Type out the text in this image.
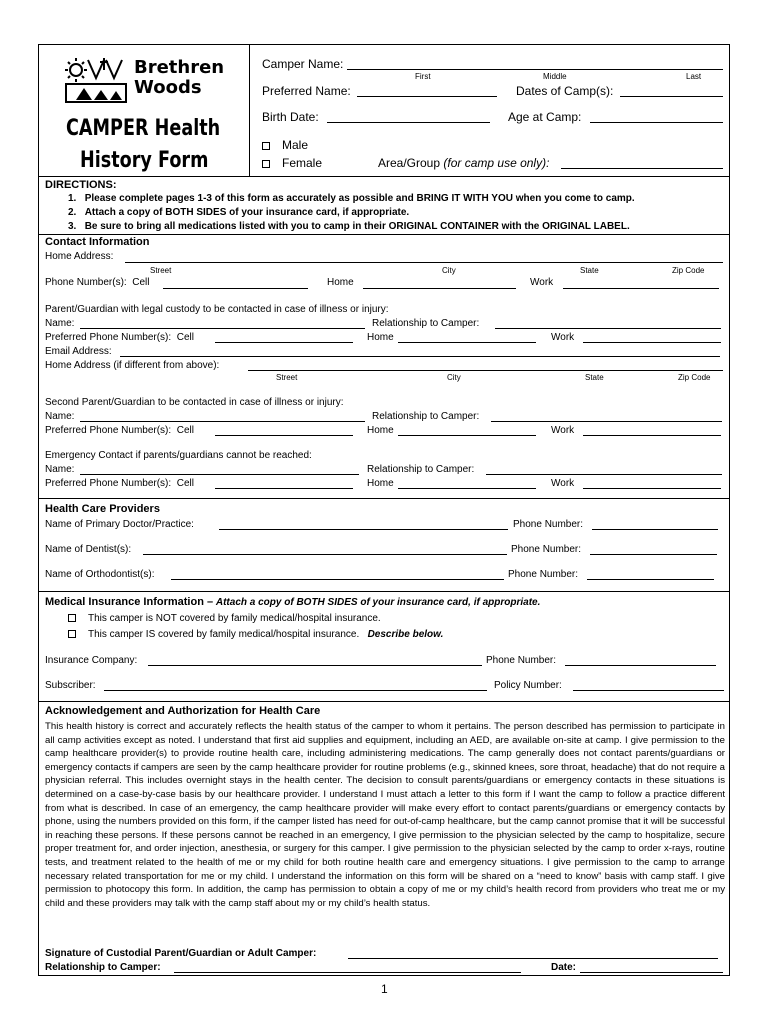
Brethren
Woods
CAMPER Health
History Form
Camper Name:
First	Middle	Last
Preferred Name:	Dates of Camp(s):
Birth Date:	Age at Camp:
Male
Female	Area/Group (for camp use only):
DIRECTIONS:
1. Please complete pages 1-3 of this form as accurately as possible and BRING IT WITH YOU when you come to camp.
2. Attach a copy of BOTH SIDES of your insurance card, if appropriate.
3. Be sure to bring all medications listed with you to camp in their ORIGINAL CONTAINER with the ORIGINAL LABEL.
Contact Information
Home Address:
Street	City	State	Zip Code
Phone Number(s): Cell	Home	Work
Parent/Guardian with legal custody to be contacted in case of illness or injury:
Name:	Relationship to Camper:
Preferred Phone Number(s): Cell	Home	Work
Email Address:
Home Address (if different from above):
Street	City	State	Zip Code
Second Parent/Guardian to be contacted in case of illness or injury:
Name:	Relationship to Camper:
Preferred Phone Number(s): Cell	Home	Work
Emergency Contact if parents/guardians cannot be reached:
Name:	Relationship to Camper:
Preferred Phone Number(s): Cell	Home	Work
Health Care Providers
Name of Primary Doctor/Practice:	Phone Number:
Name of Dentist(s):	Phone Number:
Name of Orthodontist(s):	Phone Number:
Medical Insurance Information – Attach a copy of BOTH SIDES of your insurance card, if appropriate.
This camper is NOT covered by family medical/hospital insurance.
This camper IS covered by family medical/hospital insurance. Describe below.
Insurance Company:	Phone Number:
Subscriber:	Policy Number:
Acknowledgement and Authorization for Health Care
This health history is correct and accurately reflects the health status of the camper to whom it pertains. The person described has permission to participate in all camp activities except as noted. I understand that first aid supplies and equipment, including an AED, are available on-site at camp. I give permission to the camp healthcare provider(s) to provide routine health care, including administering medications. The camp generally does not contact parents/guardians or emergency contacts if campers are seen by the camp healthcare provider for routine problems (e.g., skinned knees, sore throat, headache) that do not require a physician referral. This includes overnight stays in the health center. The decision to consult parents/guardians or emergency contacts in these situations is determined on a case-by-case basis by our healthcare provider. I understand I must attach a letter to this form if I want the camp to follow a practice different from what is described. In case of an emergency, the camp healthcare provider will make every effort to contact parents/guardians or emergency contacts by phone, using the numbers provided on this form, if the camper listed has need for out-of-camp healthcare, but the camp cannot promise that it will be successful in reaching these persons. If these persons cannot be reached in an emergency, I give permission to the physician selected by the camp to hospitalize, secure proper treatment for, and order injection, anesthesia, or surgery for this camper. I give permission to the physician selected by the camp to order x-rays, routine tests, and treatment related to the health of me or my child for both routine health care and emergency situations. I give permission to the camp to arrange necessary related transportation for me or my child. I understand the information on this form will be shared on a “need to know” basis with camp staff. I give permission to photocopy this form. In addition, the camp has permission to obtain a copy of me or my child’s health record from providers who treat me or my child and these providers may talk with the camp staff about my or my child’s health status.
Signature of Custodial Parent/Guardian or Adult Camper:
Relationship to Camper:	Date:
1
